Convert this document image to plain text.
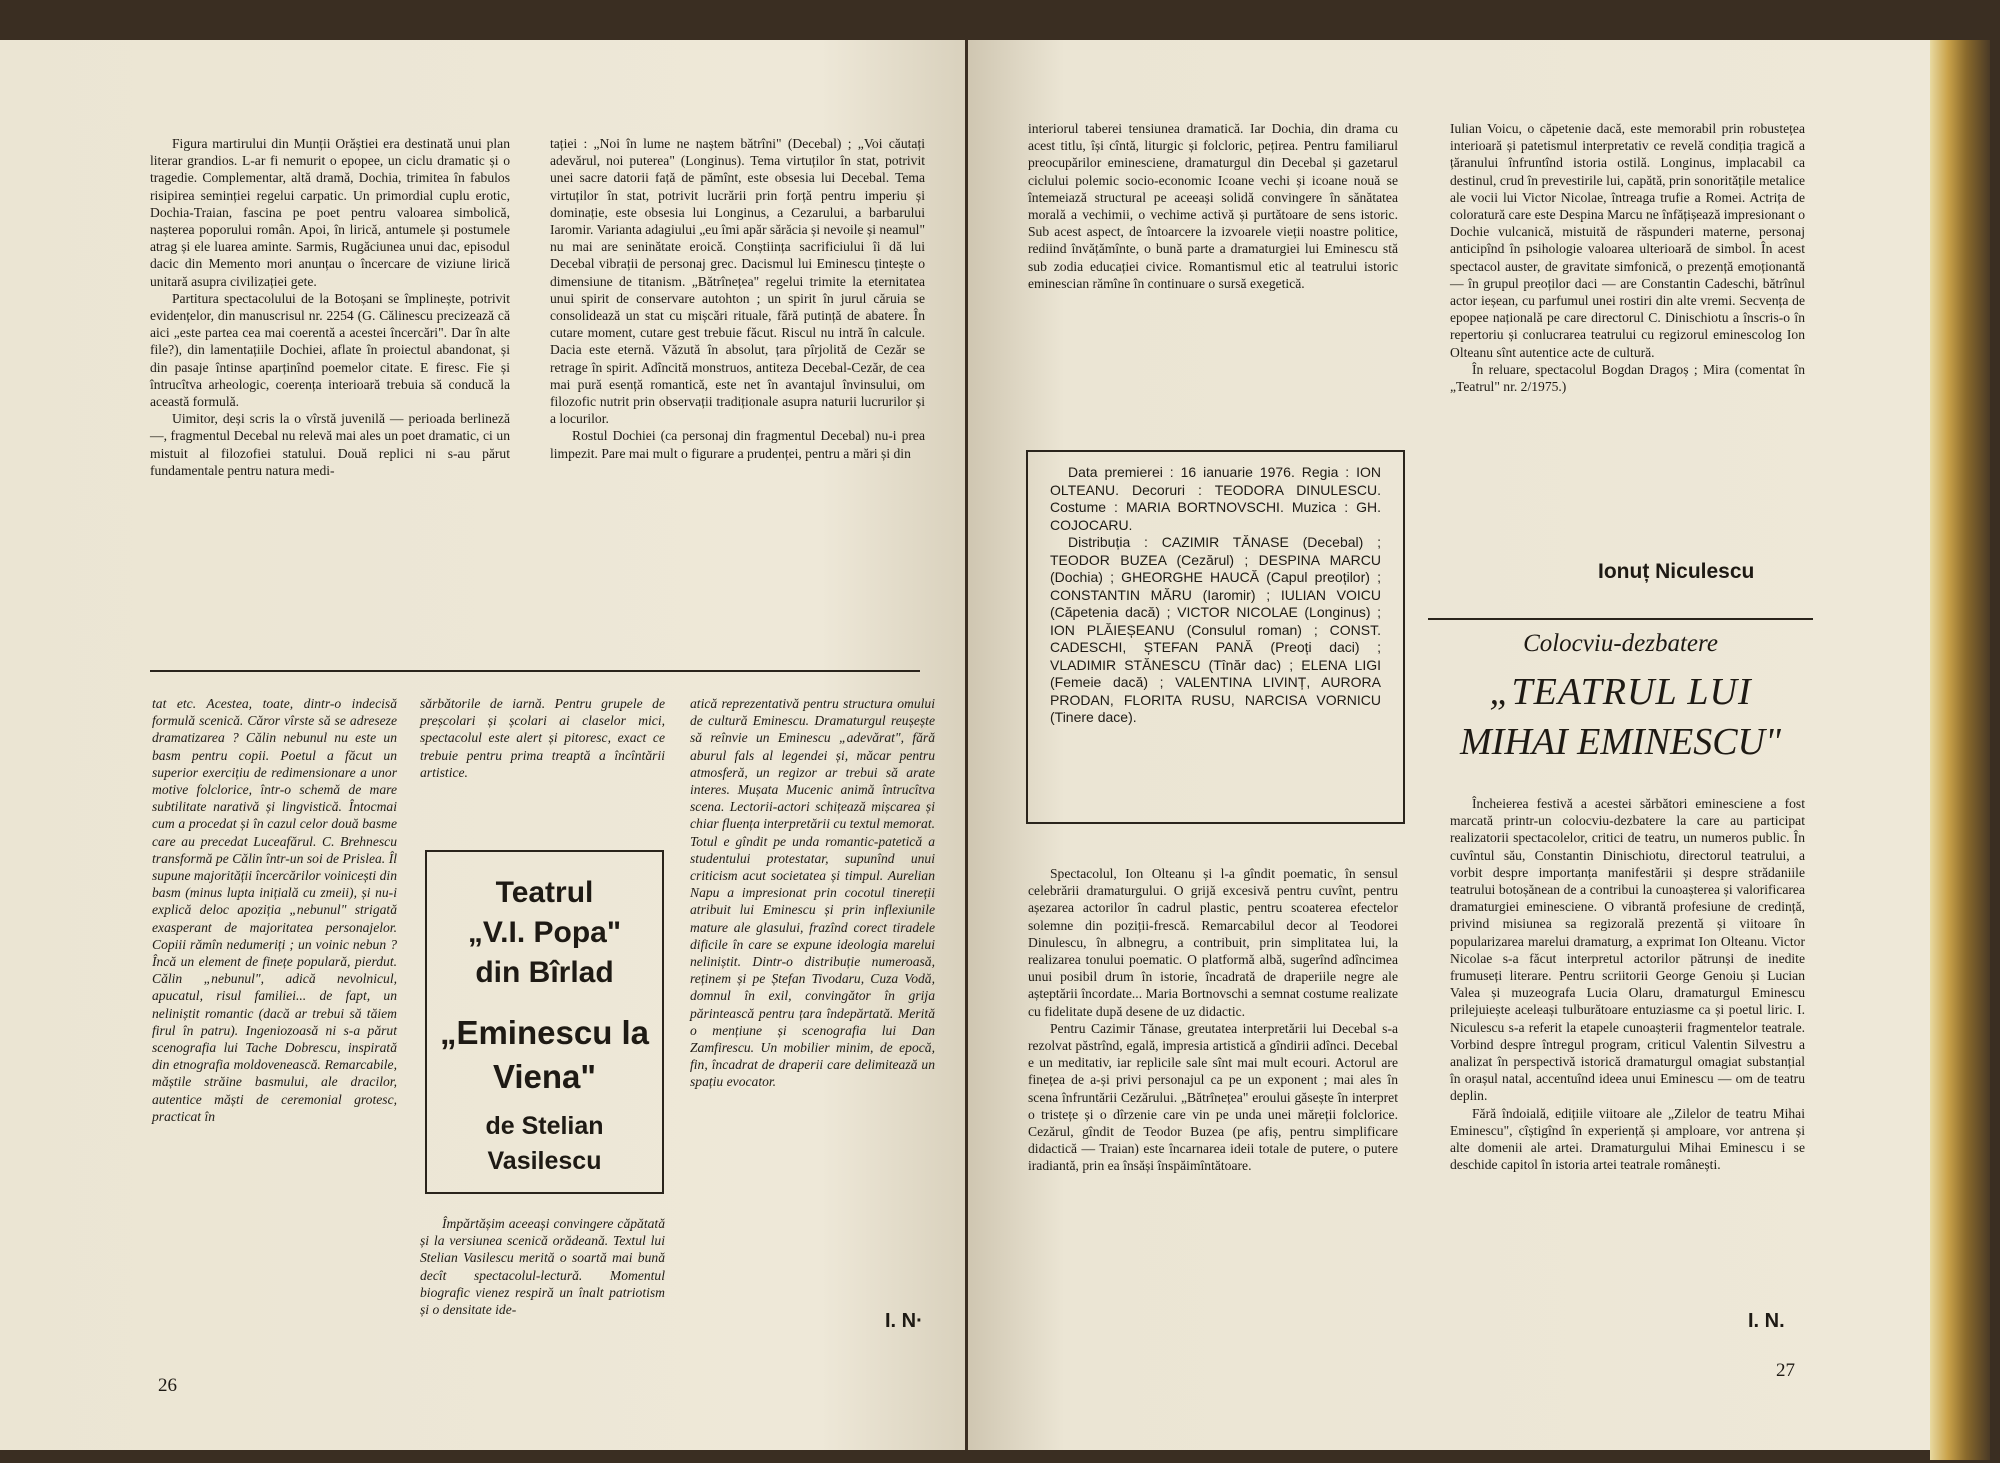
Figura martirului din Munții Orăștiei era destinată unui plan literar grandios. L-ar fi nemurit o epopee, un ciclu dramatic și o tragedie. Complementar, altă dramă, Dochia, trimitea în fabulos risipirea seminției regelui carpatic. Un primordial cuplu erotic, Dochia-Traian, fascina pe poet pentru valoarea simbolică, nașterea poporului român. Apoi, în lirică, antumele și postumele atrag și ele luarea aminte. Sarmis, Rugăciunea unui dac, episodul dacic din Memento mori anunțau o încercare de viziune lirică unitară asupra civilizației gete.

Partitura spectacolului de la Botoșani se împlinește, potrivit evidențelor, din manuscrisul nr. 2254 (G. Călinescu precizează că aici „este partea cea mai coerentă a acestei încercări". Dar în alte file?), din lamentațiile Dochiei, aflate în proiectul abandonat, și din pasaje întinse aparținînd poemelor citate. E firesc. Fie și întrucîtva arheologic, coerența interioară trebuia să conducă la această formulă.

Uimitor, deși scris la o vîrstă juvenilă — perioada berlineză —, fragmentul Decebal nu relevă mai ales un poet dramatic, ci un mistuit al filozofiei statului. Două replici ni s-au părut fundamentale pentru natura medi-

tației : „Noi în lume ne naștem bătrîni" (Decebal) ; „Voi căutați adevărul, noi puterea" (Longinus). Tema virtuților în stat, potrivit unei sacre datorii față de pămînt, este obsesia lui Decebal. Tema virtuților în stat, potrivit lucrării prin forță pentru imperiu și dominație, este obsesia lui Longinus, a Cezarului, a barbarului Iaromir. Varianta adagiului „eu îmi apăr sărăcia și nevoile și neamul" nu mai are seninătate eroică. Conștiința sacrificiului îi dă lui Decebal vibrații de personaj grec. Dacismul lui Eminescu țintește o dimensiune de titanism. „Bătrînețea" regelui trimite la eternitatea unui spirit de conservare autohton ; un spirit în jurul căruia se consolidează un stat cu mișcări rituale, fără putință de abatere. În cutare moment, cutare gest trebuie făcut. Riscul nu intră în calcule. Dacia este eternă. Văzută în absolut, țara pîrjolită de Cezăr se retrage în spirit. Adîncită monstruos, antiteza Decebal-Cezăr, de cea mai pură esență romantică, este net în avantajul învinsului, om filozofic nutrit prin observații tradiționale asupra naturii lucrurilor și a locurilor.

Rostul Dochiei (ca personaj din fragmentul Decebal) nu-i prea limpezit. Pare mai mult o figurare a prudenței, pentru a mări și din

tat etc. Acestea, toate, dintr-o indecisă formulă scenică. Căror vîrste să se adreseze dramatizarea ? Călin nebunul nu este un basm pentru copii. Poetul a făcut un superior exercițiu de redimensionare a unor motive folclorice, într-o schemă de mare subtilitate narativă și lingvistică. Întocmai cum a procedat și în cazul celor două basme care au precedat Luceafărul. C. Brehnescu transformă pe Călin într-un soi de Prislea. Îl supune majorității încercărilor voinicești din basm (minus lupta inițială cu zmeii), și nu-i explică deloc apoziția „nebunul" strigată exasperant de majoritatea personajelor. Copiii rămîn nedumeriți ; un voinic nebun ? Încă un element de finețe populară, pierdut. Călin „nebunul", adică nevolnicul, apucatul, risul familiei... de fapt, un neliniștit romantic (dacă ar trebui să tăiem firul în patru). Ingeniozoasă ni s-a părut scenografia lui Tache Dobrescu, inspirată din etnografia moldovenească. Remarcabile, măștile străine basmului, ale dracilor, autentice măști de ceremonial grotesc, practicat în

sărbătorile de iarnă. Pentru grupele de preșcolari și școlari ai claselor mici, spectacolul este alert și pitoresc, exact ce trebuie pentru prima treaptă a încîntării artistice.

Teatrul
„V.I. Popa"
din Bîrlad
„Eminescu la
Viena"
de Stelian
Vasilescu

Împărtășim aceeași convingere căpătată și la versiunea scenică orădeană. Textul lui Stelian Vasilescu merită o soartă mai bună decît spectacolul-lectură. Momentul biografic vienez respiră un înalt patriotism și o densitate ide-

atică reprezentativă pentru structura omului de cultură Eminescu. Dramaturgul reușește să reînvie un Eminescu „adevărat", fără aburul fals al legendei și, măcar pentru atmosferă, un regizor ar trebui să arate interes. Mușata Mucenic animă întrucîtva scena. Lectorii-actori schițează mișcarea și chiar fluența interpretării cu textul memorat. Totul e gîndit pe unda romantic-patetică a studentului protestatar, supunînd unui criticism acut societatea și timpul. Aurelian Napu a impresionat prin cocotul tinereții atribuit lui Eminescu și prin inflexiunile mature ale glasului, frazînd corect tiradele dificile în care se expune ideologia marelui neliniștit. Dintr-o distribuție numeroasă, reținem și pe Ștefan Tivodaru, Cuza Vodă, domnul în exil, convingător în grija părintească pentru țara îndepărtată. Merită o mențiune și scenografia lui Dan Zamfirescu. Un mobilier minim, de epocă, fin, încadrat de draperii care delimitează un spațiu evocator.

I. N·
26

interiorul taberei tensiunea dramatică. Iar Dochia, din drama cu acest titlu, își cîntă, liturgic și folcloric, pețirea. Pentru familiarul preocupărilor eminesciene, dramaturgul din Decebal și gazetarul ciclului polemic socio-economic Icoane vechi și icoane nouă se întemeiază structural pe aceeași solidă convingere în sănătatea morală a vechimii, o vechime activă și purtătoare de sens istoric. Sub acest aspect, de întoarcere la izvoarele vieții noastre politice, rediind învățămînte, o bună parte a dramaturgiei lui Eminescu stă sub zodia educației civice. Romantismul etic al teatrului istoric eminescian rămîne în continuare o sursă exegetică.

Data premierei : 16 ianuarie 1976. Regia : ION OLTEANU. Decoruri : TEODORA DINULESCU. Costume : MARIA BORTNOVSCHI. Muzica : GH. COJOCARU.

Distribuția : CAZIMIR TĂNASE (Decebal) ; TEODOR BUZEA (Cezărul) ; DESPINA MARCU (Dochia) ; GHEORGHE HAUCĂ (Capul preoților) ; CONSTANTIN MĂRU (Iaromir) ; IULIAN VOICU (Căpetenia dacă) ; VICTOR NICOLAE (Longinus) ; ION PLĂIEȘEANU (Consulul roman) ; CONST. CADESCHI, ȘTEFAN PANĂ (Preoți daci) ; VLADIMIR STĂNESCU (Tînăr dac) ; ELENA LIGI (Femeie dacă) ; VALENTINA LIVINȚ, AURORA PRODAN, FLORITA RUSU, NARCISA VORNICU (Tinere dace).

Spectacolul, Ion Olteanu și l-a gîndit poematic, în sensul celebrării dramaturgului. O grijă excesivă pentru cuvînt, pentru așezarea actorilor în cadrul plastic, pentru scoaterea efectelor solemne din poziții-frescă. Remarcabilul decor al Teodorei Dinulescu, în albnegru, a contribuit, prin simplitatea lui, la realizarea tonului poematic. O platformă albă, sugerînd adîncimea unui posibil drum în istorie, încadrată de draperiile negre ale așteptării încordate... Maria Bortnovschi a semnat costume realizate cu fidelitate după desene de uz didactic.

Pentru Cazimir Tănase, greutatea interpretării lui Decebal s-a rezolvat păstrînd, egală, impresia artistică a gîndirii adînci. Decebal e un meditativ, iar replicile sale sînt mai mult ecouri. Actorul are finețea de a-și privi personajul ca pe un exponent ; mai ales în scena înfruntării Cezărului. „Bătrînețea" eroului găsește în interpret o tristețe și o dîrzenie care vin pe unda unei măreții folclorice. Cezărul, gîndit de Teodor Buzea (pe afiș, pentru simplificare didactică — Traian) este încarnarea ideii totale de putere, o putere iradiantă, prin ea însăși înspăimîntătoare.

Iulian Voicu, o căpetenie dacă, este memorabil prin robustețea interioară și patetismul interpretativ ce revelă condiția tragică a țăranului înfruntînd istoria ostilă. Longinus, implacabil ca destinul, crud în prevestirile lui, capătă, prin sonoritățile metalice ale vocii lui Victor Nicolae, întreaga trufie a Romei. Actrița de coloratură care este Despina Marcu ne înfățișează impresionant o Dochie vulcanică, mistuită de răspunderi materne, personaj anticipînd în psihologie valoarea ulterioară de simbol. În acest spectacol auster, de gravitate simfonică, o prezență emoționantă — în grupul preoților daci — are Constantin Cadeschi, bătrînul actor ieșean, cu parfumul unei rostiri din alte vremi. Secvența de epopee națională pe care directorul C. Dinischiotu a înscris-o în repertoriu și conlucrarea teatrului cu regizorul eminescolog Ion Olteanu sînt autentice acte de cultură.

În reluare, spectacolul Bogdan Dragoș ; Mira (comentat în „Teatrul" nr. 2/1975.)

Ionuț Niculescu
Colocviu-dezbatere
„TEATRUL LUI
MIHAI EMINESCU"

Încheierea festivă a acestei sărbători eminesciene a fost marcată printr-un colocviu-dezbatere la care au participat realizatorii spectacolelor, critici de teatru, un numeros public. În cuvîntul său, Constantin Dinischiotu, directorul teatrului, a vorbit despre importanța manifestării și despre strădaniile teatrului botoșănean de a contribui la cunoașterea și valorificarea dramaturgiei eminesciene. O vibrantă profesiune de credință, privind misiunea sa regizorală prezentă și viitoare în popularizarea marelui dramaturg, a exprimat Ion Olteanu. Victor Nicolae s-a făcut interpretul actorilor pătrunși de inedite frumuseți literare. Pentru scriitorii George Genoiu și Lucian Valea și muzeografa Lucia Olaru, dramaturgul Eminescu prilejuiește aceleași tulburătoare entuziasme ca și poetul liric. I. Niculescu s-a referit la etapele cunoașterii fragmentelor teatrale. Vorbind despre întregul program, criticul Valentin Silvestru a analizat în perspectivă istorică dramaturgul omagiat substanțial în orașul natal, accentuînd ideea unui Eminescu — om de teatru deplin.

Fără îndoială, edițiile viitoare ale „Zilelor de teatru Mihai Eminescu", cîștigînd în experiență și amploare, vor antrena și alte domenii ale artei. Dramaturgului Mihai Eminescu i se deschide capitol în istoria artei teatrale românești.

I. N.
27
